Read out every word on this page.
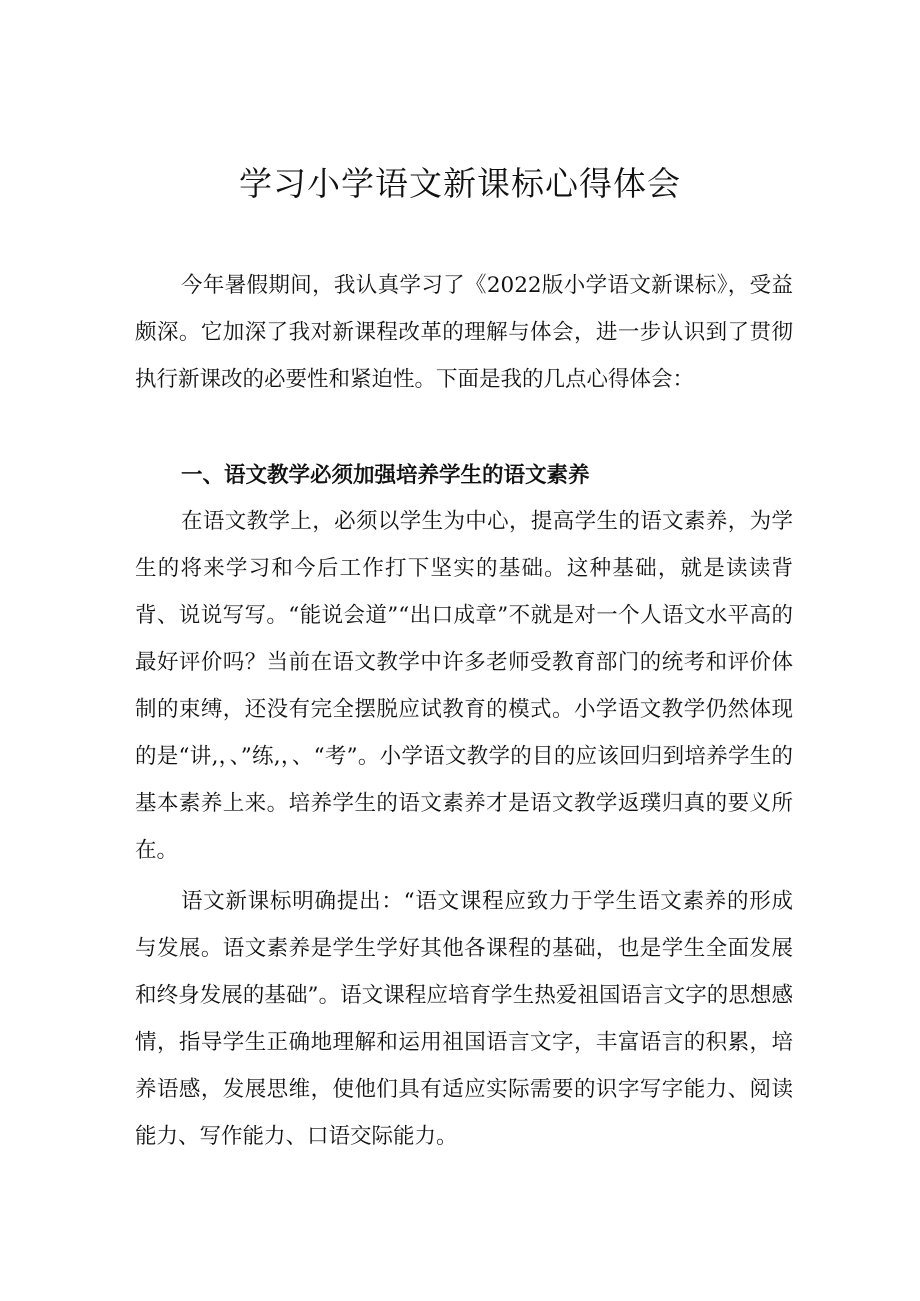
学习小学语文新课标心得体会

今年暑假期间，我认真学习了《2022版小学语文新课标》，受益颇深。它加深了我对新课程改革的理解与体会，进一步认识到了贯彻执行新课改的必要性和紧迫性。下面是我的几点心得体会：

一、语文教学必须加强培养学生的语文素养

在语文教学上，必须以学生为中心，提高学生的语文素养，为学生的将来学习和今后工作打下坚实的基础。这种基础，就是读读背背、说说写写。“能说会道”“出口成章”不就是对一个人语文水平高的最好评价吗？当前在语文教学中许多老师受教育部门的统考和评价体制的束缚，还没有完全摆脱应试教育的模式。小学语文教学仍然体现的是“讲,，、”练,，、“考”。小学语文教学的目的应该回归到培养学生的基本素养上来。培养学生的语文素养才是语文教学返璞归真的要义所在。

语文新课标明确提出：“语文课程应致力于学生语文素养的形成与发展。语文素养是学生学好其他各课程的基础，也是学生全面发展和终身发展的基础”。语文课程应培育学生热爱祖国语言文字的思想感情，指导学生正确地理解和运用祖国语言文字，丰富语言的积累，培养语感，发展思维，使他们具有适应实际需要的识字写字能力、阅读能力、写作能力、口语交际能力。
